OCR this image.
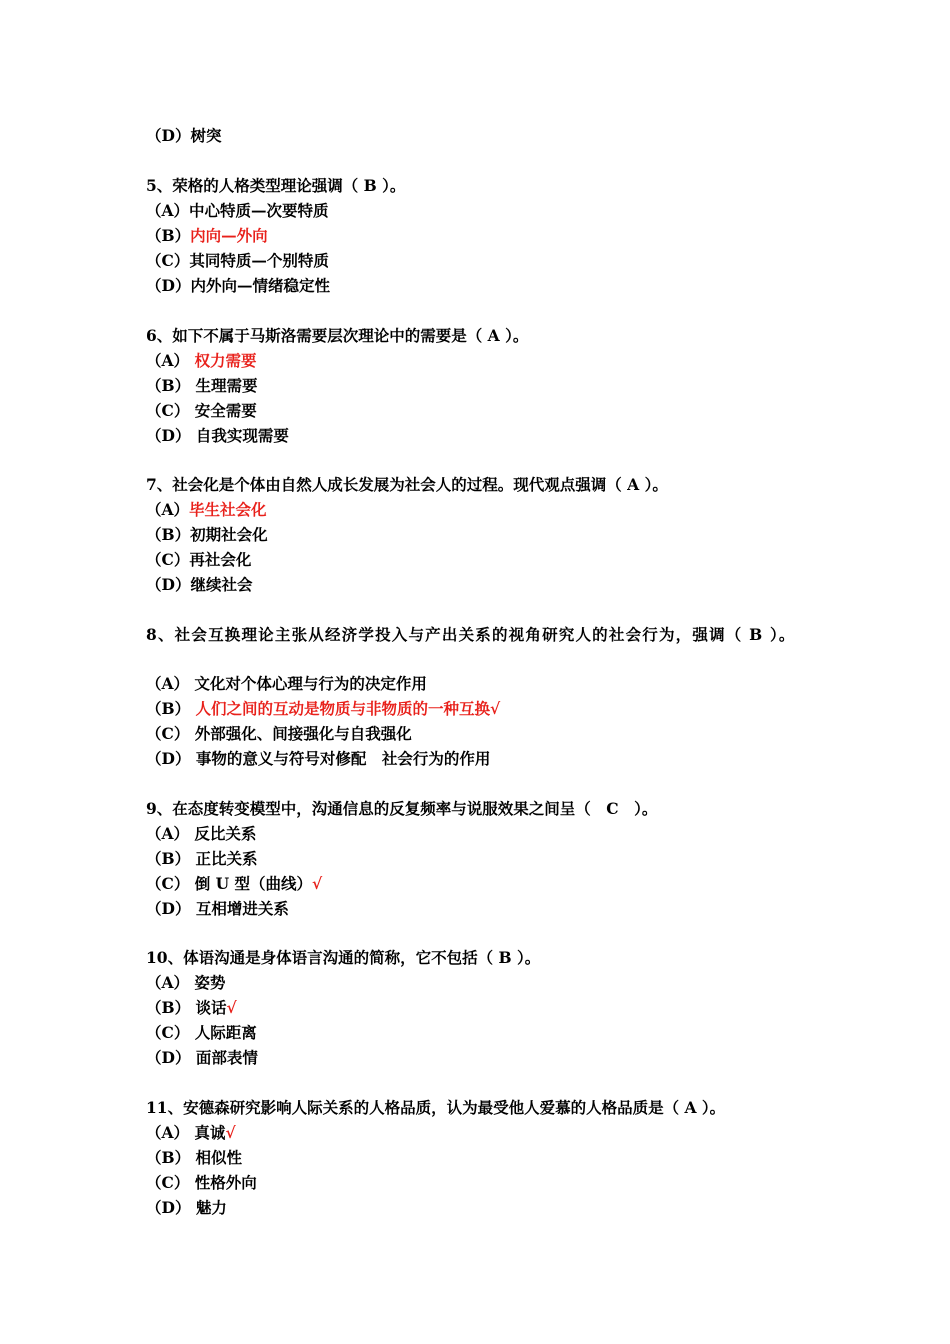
（D）树突
5、荣格的人格类型理论强调（ B ）。
（A）中心特质—次要特质
（B）内向—外向
（C）其同特质—个别特质
（D）内外向—情绪稳定性
6、如下不属于马斯洛需要层次理论中的需要是（ A ）。
（A） 权力需要
（B） 生理需要
（C） 安全需要
（D） 自我实现需要
7、社会化是个体由自然人成长发展为社会人的过程。现代观点强调（ A ）。
（A）毕生社会化
（B）初期社会化
（C）再社会化
（D）继续社会
8、社会互换理论主张从经济学投入与产出关系的视角研究人的社会行为，强调（ B ）。
（A） 文化对个体心理与行为的决定作用
（B） 人们之间的互动是物质与非物质的一种互换√
（C） 外部强化、间接强化与自我强化
（D） 事物的意义与符号对修配　社会行为的作用
9、在态度转变模型中，沟通信息的反复频率与说服效果之间呈（　C　）。
（A） 反比关系
（B） 正比关系
（C） 倒 U 型（曲线）√
（D） 互相增进关系
10、体语沟通是身体语言沟通的简称，它不包括（ B ）。
（A） 姿势
（B） 谈话√
（C） 人际距离
（D） 面部表情
11、安德森研究影响人际关系的人格品质，认为最受他人爱慕的人格品质是（ A ）。
（A） 真诚√
（B） 相似性
（C） 性格外向
（D） 魅力
